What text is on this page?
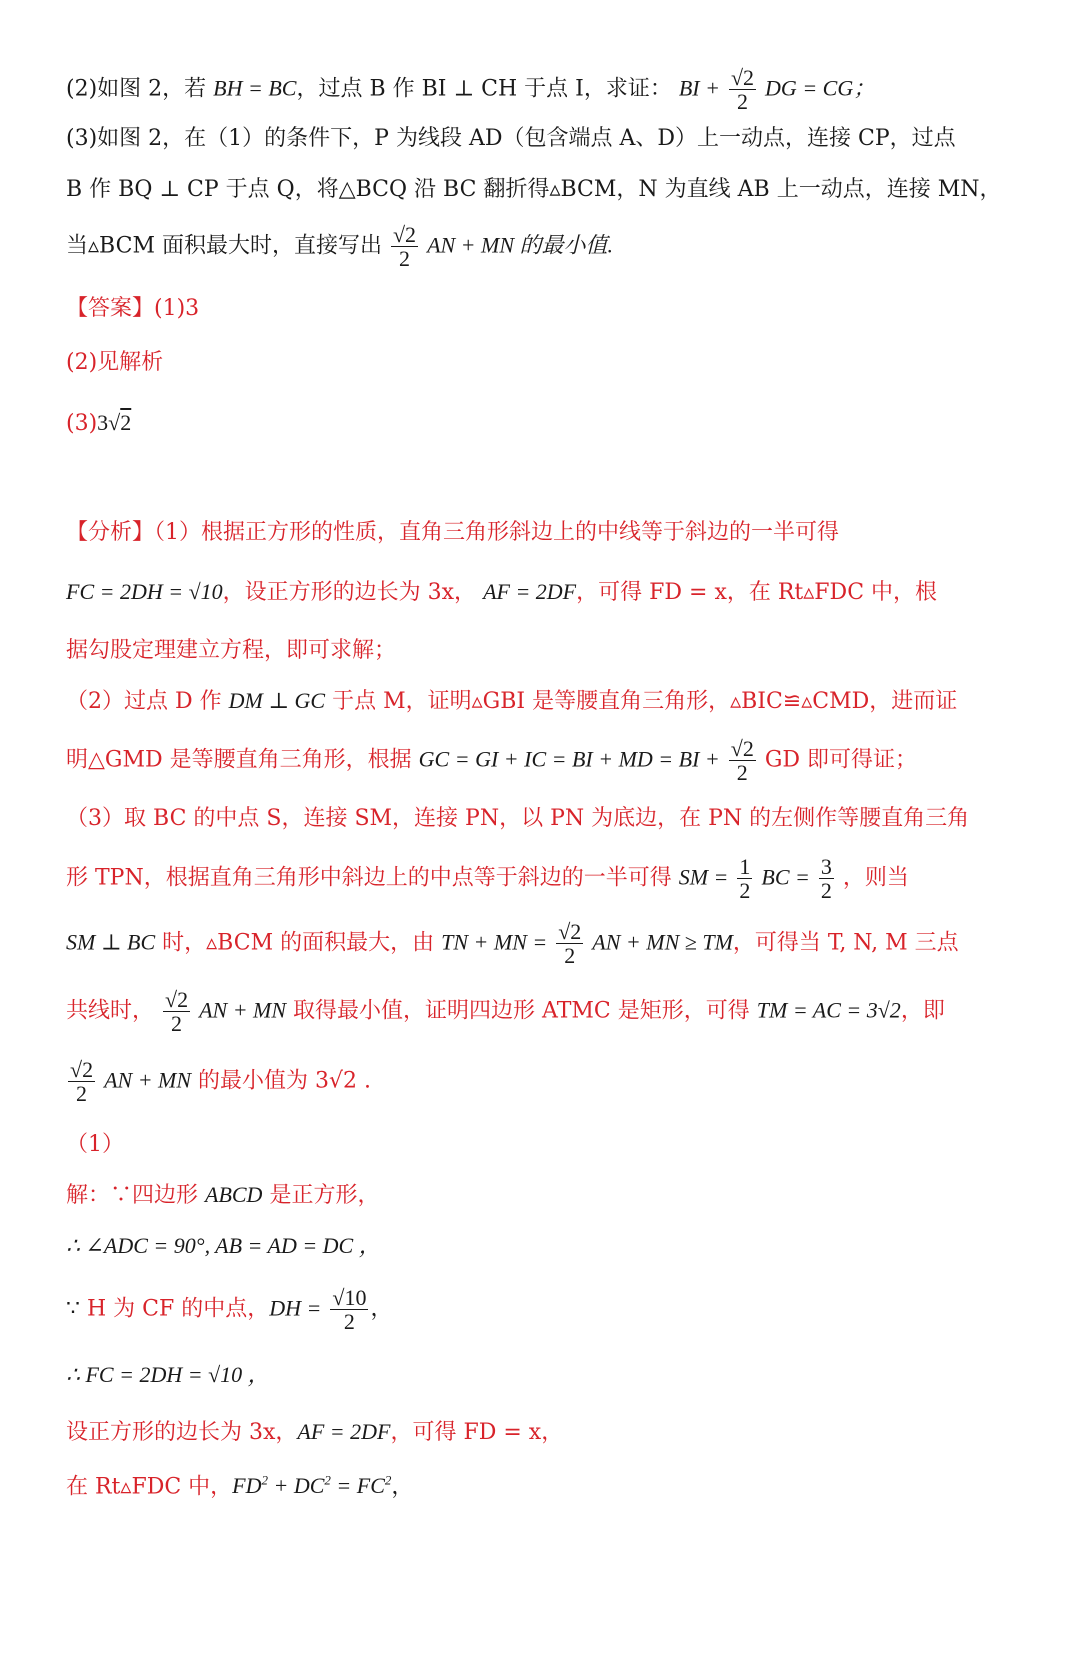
(2)如图 2，若 BH = BC，过点 B 作 BI ⊥ CH 于点 I，求证： BI + $\frac{√2}{2}$ DG = CG；
(3)如图 2，在（1）的条件下，P 为线段 AD（包含端点 A、D）上一动点，连接 CP，过点
B 作 BQ ⊥ CP 于点 Q，将△BCQ 沿 BC 翻折得▵BCM，N 为直线 AB 上一动点，连接 MN，
当▵BCM 面积最大时，直接写出 $\frac{√2}{2}$ AN + MN 的最小值.
【答案】(1)3
(2)见解析
(3)3√2
【分析】（1）根据正方形的性质，直角三角形斜边上的中线等于斜边的一半可得
FC = 2DH = √10，设正方形的边长为 3x， AF = 2DF，可得 FD = x，在 Rt▵FDC 中，根
据勾股定理建立方程，即可求解；
（2）过点 D 作 DM ⊥ GC 于点 M，证明▵GBI 是等腰直角三角形，▵BIC≌▵CMD，进而证
明△GMD 是等腰直角三角形，根据 GC = GI + IC = BI + MD = BI + $\frac{√2}{2}$ GD 即可得证；
（3）取 BC 的中点 S，连接 SM，连接 PN，以 PN 为底边，在 PN 的左侧作等腰直角三角
形 TPN，根据直角三角形中斜边上的中点等于斜边的一半可得 SM = $\frac{1}{2}$ BC = $\frac{3}{2}$ ，则当
SM ⊥ BC 时，▵BCM 的面积最大，由 TN + MN = $\frac{√2}{2}$ AN + MN ≥ TM，可得当 T, N, M 三点
共线时， $\frac{√2}{2}$ AN + MN 取得最小值，证明四边形 ATMC 是矩形，可得 TM = AC = 3√2，即
$\frac{√2}{2}$ AN + MN 的最小值为 3√2 .
（1）
解：∵四边形 ABCD 是正方形，
∴ ∠ADC = 90°, AB = AD = DC ，
∵ H 为 CF 的中点，DH = $\frac{√10}{2}$ ，
∴ FC = 2DH = √10 ，
设正方形的边长为 3x，AF = 2DF，可得 FD = x，
在 Rt▵FDC 中，$FD^2 + DC^2 = FC^2$，
